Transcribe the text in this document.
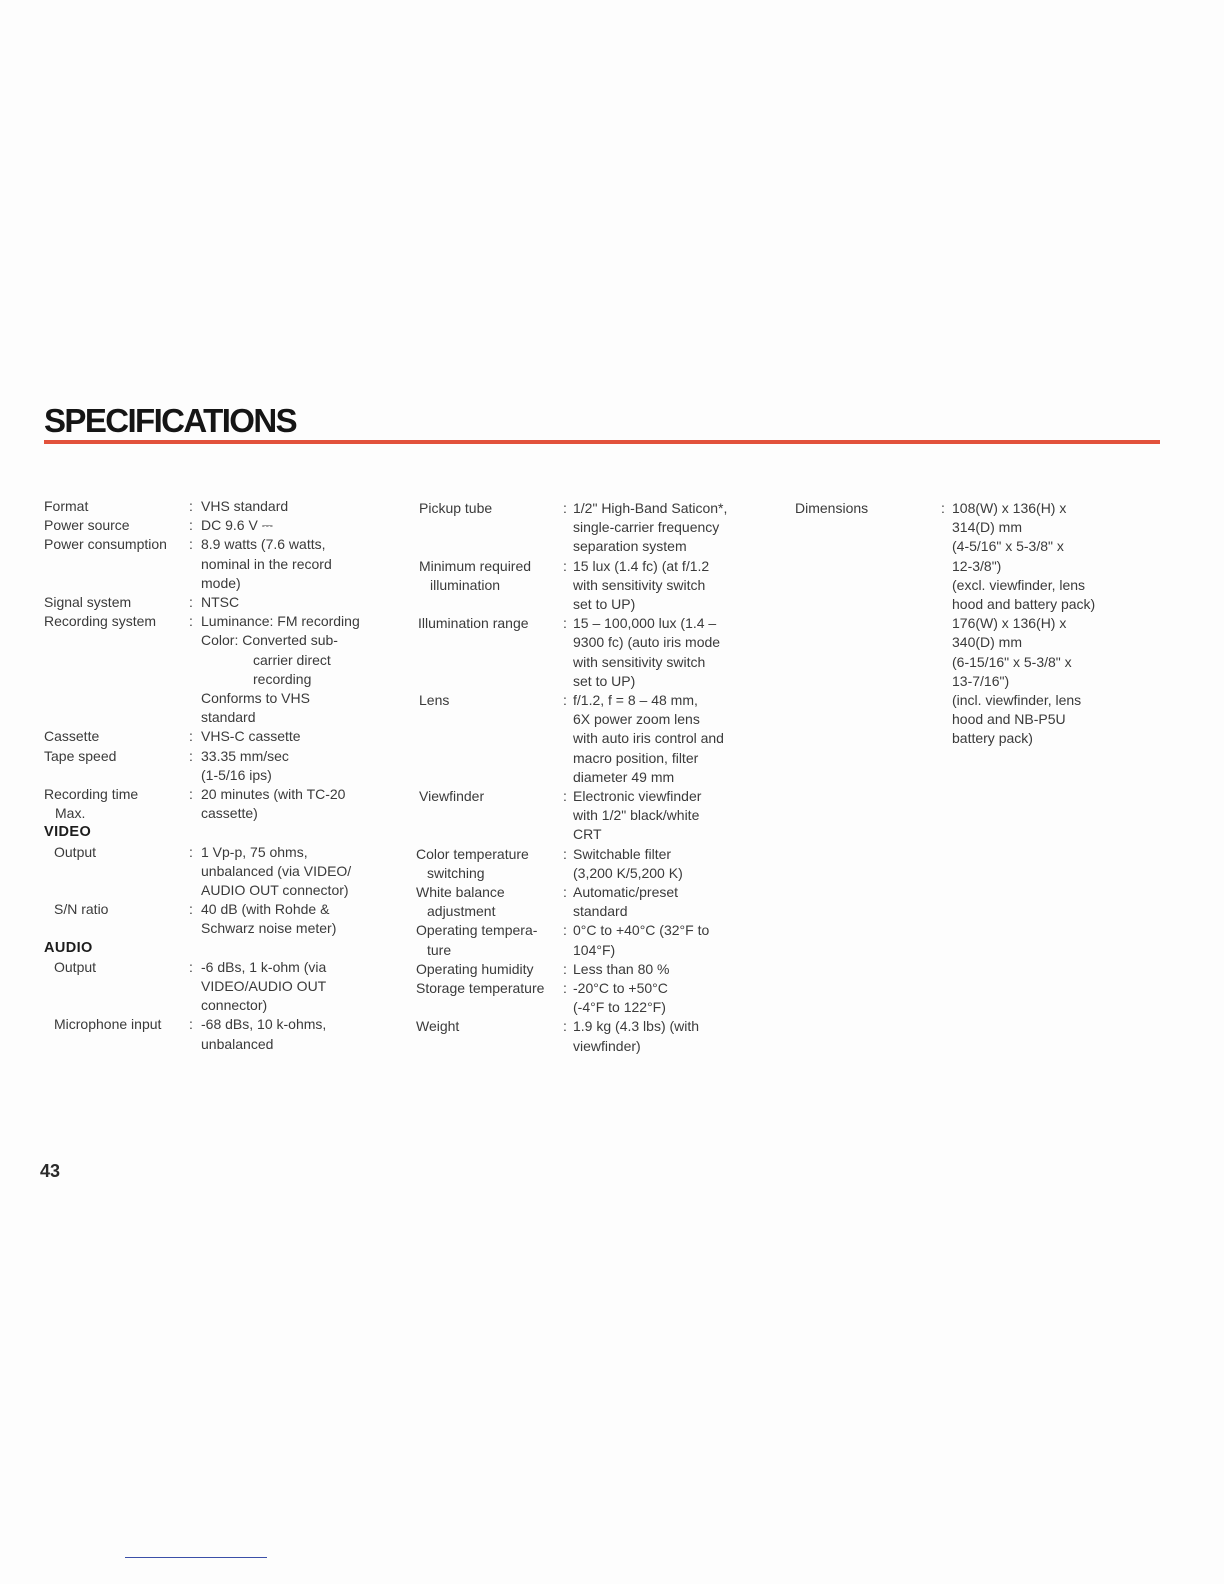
SPECIFICATIONS
Format	: VHS standard
Power source	: DC 9.6 V ⎓
Power consumption : 8.9 watts (7.6 watts,
nominal in the record
mode)
Signal system	: NTSC
Recording system : Luminance: FM recording
Color: Converted sub-
carrier direct
recording
Conforms to VHS
standard
Cassette	: VHS-C cassette
Tape speed	: 33.35 mm/sec
(1-5/16 ips)
Recording time
Max.
: 20 minutes (with TC-20
cassette)
VIDEO
Output	: 1 Vp-p, 75 ohms,
unbalanced (via VIDEO/
AUDIO OUT connector)
S/N ratio	: 40 dB (with Rohde &
Schwarz noise meter)
AUDIO
Output	: -6 dBs, 1 k-ohm (via
VIDEO/AUDIO OUT
connector)
Microphone input : -68 dBs, 10 k-ohms,
unbalanced
Pickup tube	: 1/2" High-Band Saticon*,
single-carrier frequency
separation system
Minimum required
illumination
: 15 lux (1.4 fc) (at f/1.2
with sensitivity switch
set to UP)
Illumination range : 15 – 100,000 lux (1.4 –
9300 fc) (auto iris mode
with sensitivity switch
set to UP)
Lens	: f/1.2, f = 8 – 48 mm,
6X power zoom lens
with auto iris control and
macro position, filter
diameter 49 mm
Viewfinder	: Electronic viewfinder
with 1/2" black/white
CRT
Color temperature
switching
: Switchable filter
(3,200 K/5,200 K)
White balance
adjustment
: Automatic/preset
standard
Operating tempera-
ture
: 0°C to +40°C (32°F to
104°F)
Operating humidity : Less than 80 %
Storage temperature : -20°C to +50°C
(-4°F to 122°F)
Weight	: 1.9 kg (4.3 lbs) (with
viewfinder)
Dimensions	: 108(W) x 136(H) x
314(D) mm
(4-5/16" x 5-3/8" x
12-3/8")
(excl. viewfinder, lens
hood and battery pack)
176(W) x 136(H) x
340(D) mm
(6-15/16" x 5-3/8" x
13-7/16")
(incl. viewfinder, lens
hood and NB-P5U
battery pack)
43
